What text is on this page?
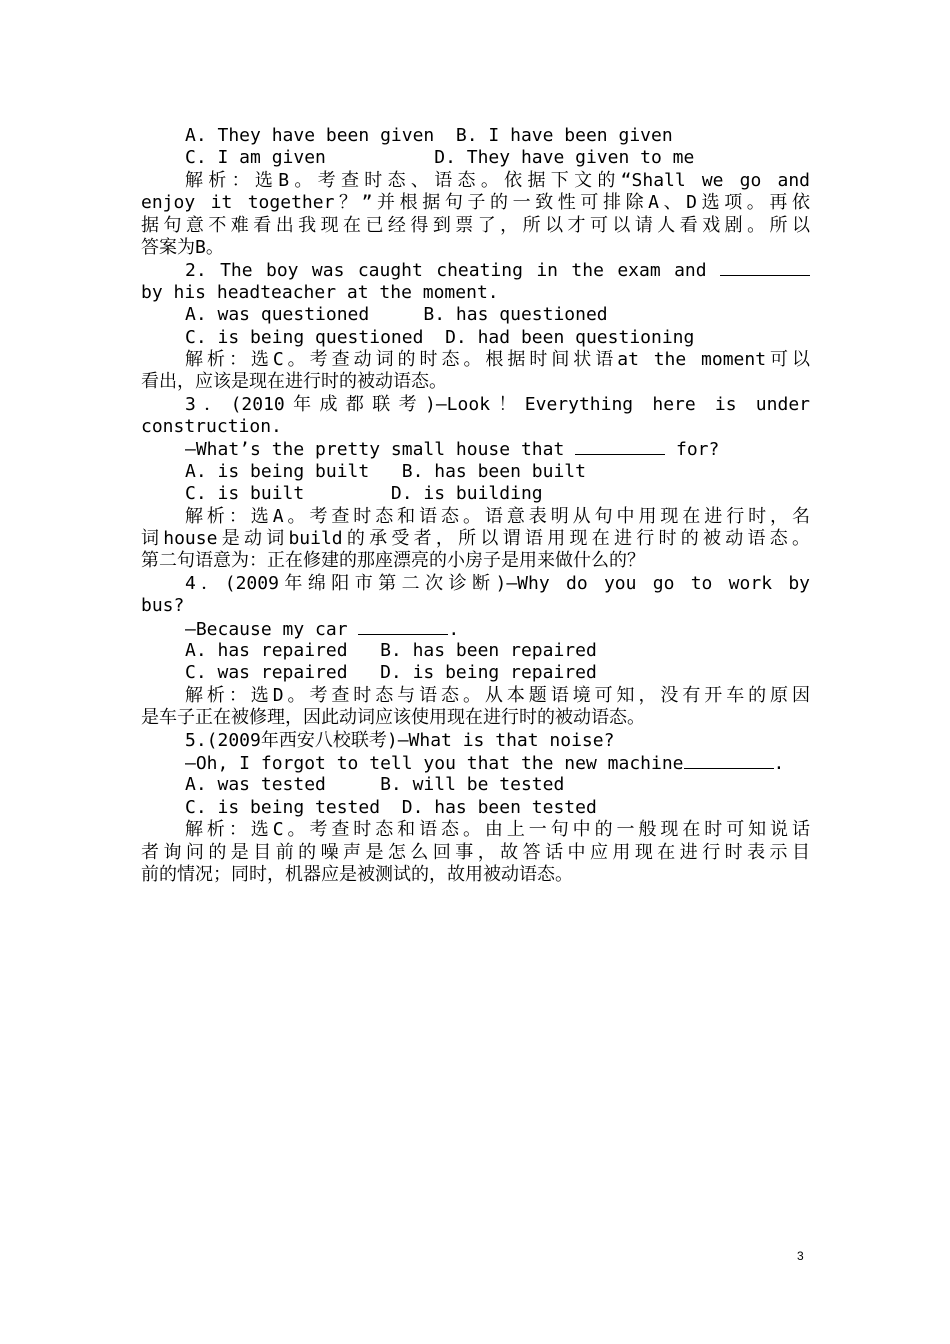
A. They have been given  B. I have been given

C. I am given          D. They have given to me

解析：选B。考查时态、语态。依据下文的“Shall we go and

enjoy it together？”并根据句子的一致性可排除A、D选项。再依

据句意不难看出我现在已经得到票了，所以才可以请人看戏剧。所以

答案为B。

2. The boy was caught cheating in the exam and

by his headteacher at the moment.

A. was questioned     B. has questioned

C. is being questioned  D. had been questioning

解析：选C。考查动词的时态。根据时间状语at the moment可以

看出，应该是现在进行时的被动语态。

3．(2010年成都联考)—Look！Everything here is under

construction.

—What’s the pretty small house that	for?

A. is being built   B. has been built

C. is built        D. is building

解析：选A。考查时态和语态。语意表明从句中用现在进行时，名

词house是动词build的承受者，所以谓语用现在进行时的被动语态。

第二句语意为：正在修建的那座漂亮的小房子是用来做什么的？

4．(2009年绵阳市第二次诊断)—Why do you go to work by

bus?

—Because my car	.

A. has repaired   B. has been repaired

C. was repaired   D. is being repaired

解析：选D。考查时态与语态。从本题语境可知，没有开车的原因

是车子正在被修理，因此动词应该使用现在进行时的被动语态。

5.(2009年西安八校联考)—What is that noise?

—Oh, I forgot to tell you that the new machine	.

A. was tested     B. will be tested

C. is being tested  D. has been tested

解析：选C。考查时态和语态。由上一句中的一般现在时可知说话

者询问的是目前的噪声是怎么回事，故答话中应用现在进行时表示目

前的情况；同时，机器应是被测试的，故用被动语态。

3
